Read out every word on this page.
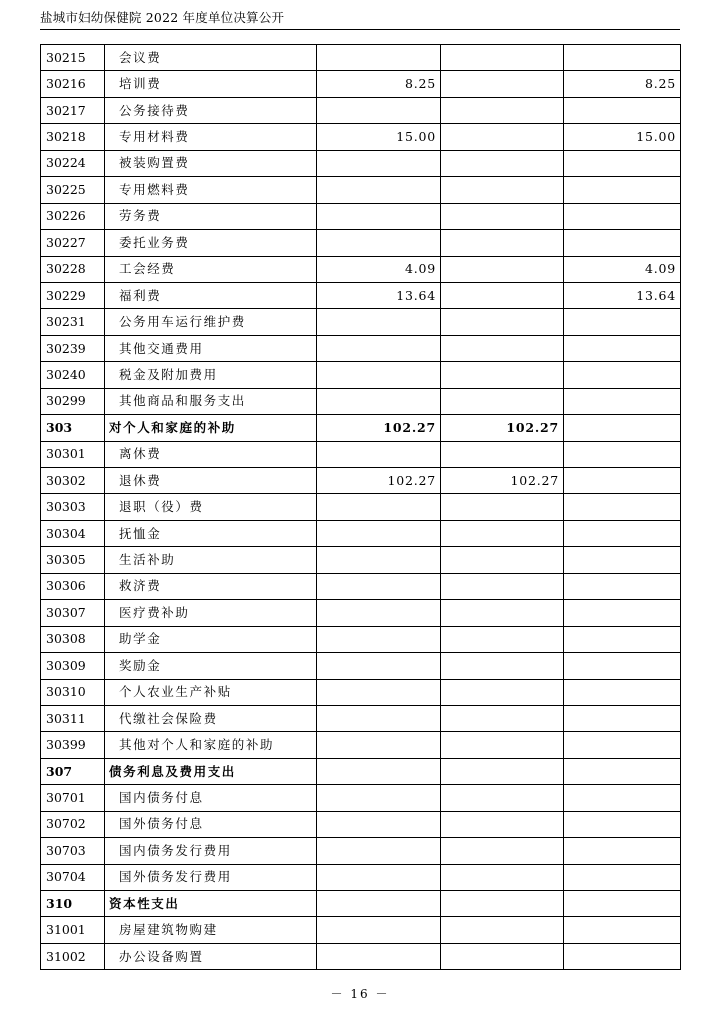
盐城市妇幼保健院 2022 年度单位决算公开
30215	会议费			
30216	培训费	8.25		8.25
30217	公务接待费			
30218	专用材料费	15.00		15.00
30224	被装购置费			
30225	专用燃料费			
30226	劳务费			
30227	委托业务费			
30228	工会经费	4.09		4.09
30229	福利费	13.64		13.64
30231	公务用车运行维护费			
30239	其他交通费用			
30240	税金及附加费用			
30299	其他商品和服务支出			
303	对个人和家庭的补助	102.27	102.27	
30301	离休费			
30302	退休费	102.27	102.27	
30303	退职（役）费			
30304	抚恤金			
30305	生活补助			
30306	救济费			
30307	医疗费补助			
30308	助学金			
30309	奖励金			
30310	个人农业生产补贴			
30311	代缴社会保险费			
30399	其他对个人和家庭的补助			
307	债务利息及费用支出			
30701	国内债务付息			
30702	国外债务付息			
30703	国内债务发行费用			
30704	国外债务发行费用			
310	资本性支出			
31001	房屋建筑物购建			
31002	办公设备购置			
－ 16 －
